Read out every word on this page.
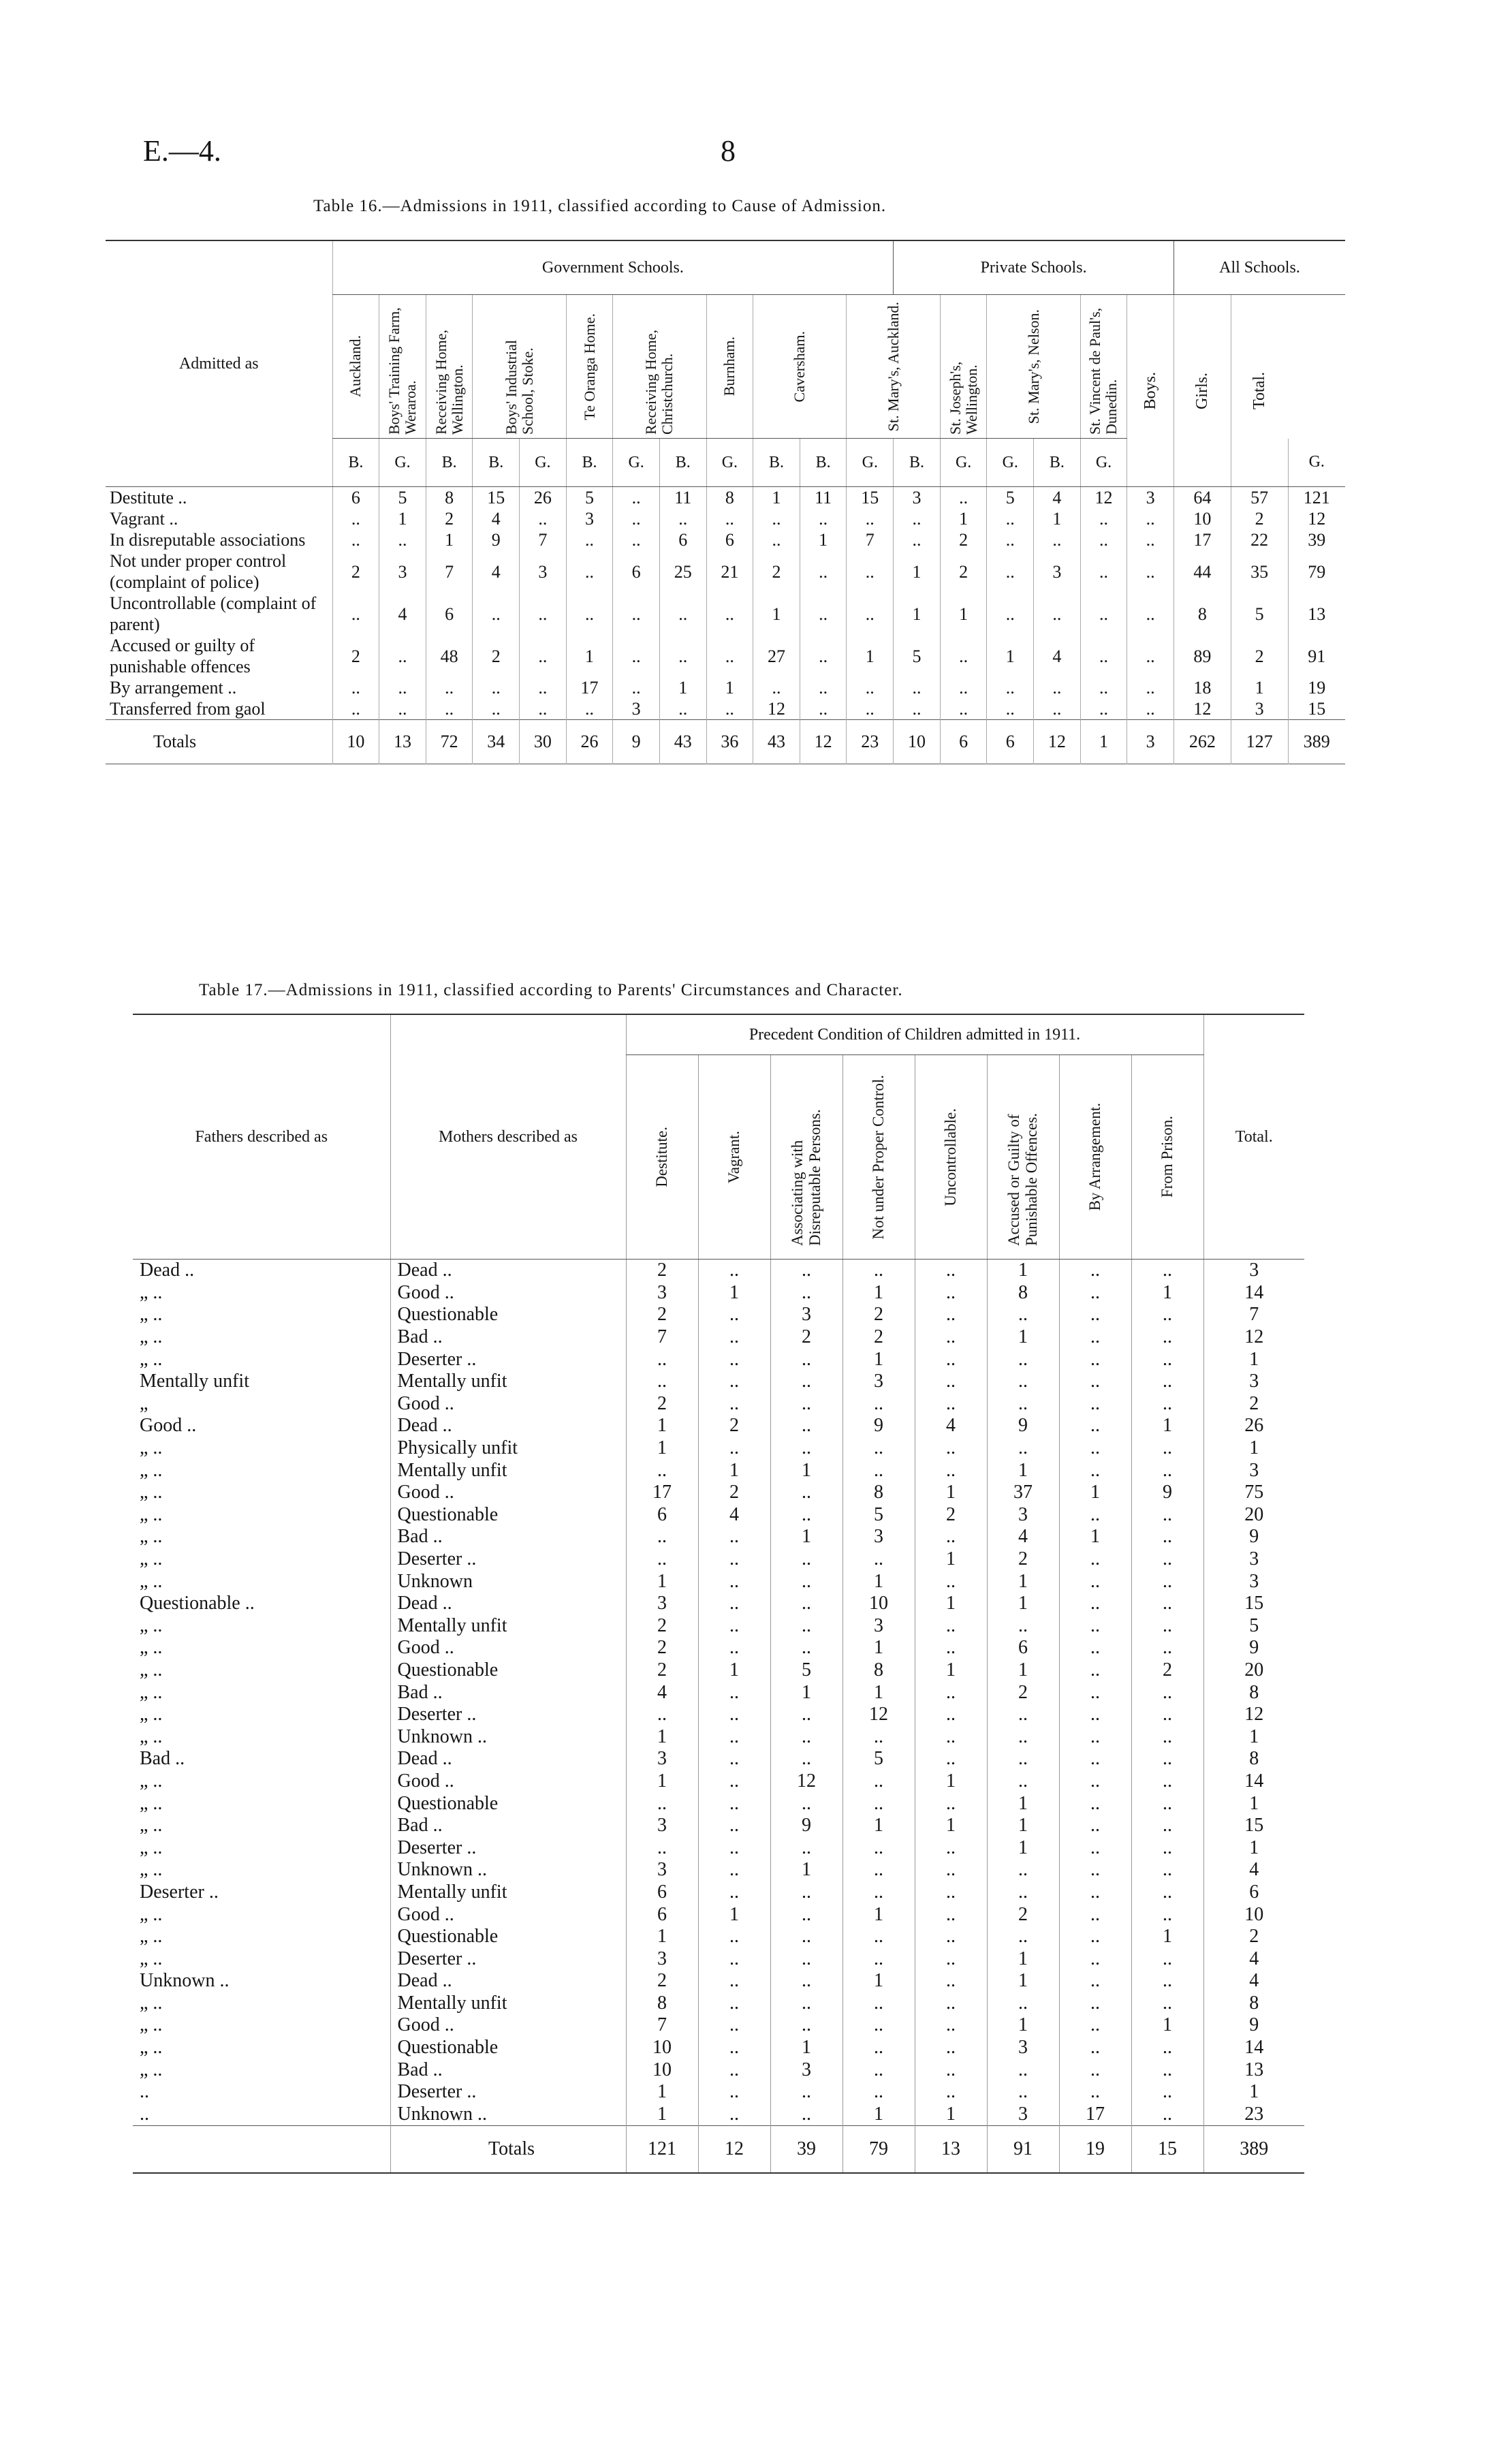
E.—4.	8
Table 16.—Admissions in 1911, classified according to Cause of Admission.
Admitted as	Government Schools.												Private Schools.						All Schools.		

	Auckland.	Boys' Training Farm, Weraroa.	Receiving Home, Wellington.	Boys' Industrial School, Stoke.		Te Oranga Home.	Receiving Home, Christchurch.		Burnham.	Caversham.		St. Mary's, Auckland.		St. Joseph's, Wellington.	St. Mary's, Nelson.		St. Vincent de Paul's, Dunedin.	Boys.	Girls.	Total.	

	B.	G.	B.	B.	G.	B.	G.	B.	G.	B.	B.	G.	B.	G.	G.	B.	G.				G.
Destitute ..	6	5	8	15	26	5	..	11	8	1	11	15	3	..	5	4	12	3	64	57	121
Vagrant ..	..	1	2	4	..	3	..	..	..	..	..	..	..	1	..	1	..	..	10	2	12
In disreputable associations	..	..	1	9	7	..	..	6	6	..	1	7	..	2	..	..	..	..	17	22	39
Not under proper control (complaint of police)	2	3	7	4	3	..	6	25	21	2	..	..	1	2	..	3	..	..	44	35	79
Uncontrollable (complaint of parent)	..	4	6	..	..	..	..	..	..	1	..	..	1	1	..	..	..	..	8	5	13
Accused or guilty of punishable offences	2	..	48	2	..	1	..	..	..	27	..	1	5	..	1	4	..	..	89	2	91
By arrangement ..	..	..	..	..	..	17	..	1	1	..	..	..	..	..	..	..	..	..	18	1	19
Transferred from gaol	..	..	..	..	..	..	3	..	..	12	..	..	..	..	..	..	..	..	12	3	15
Totals	10	13	72	34	30	26	9	43	36	43	12	23	10	6	6	12	1	3	262	127	389
Table 17.—Admissions in 1911, classified according to Parents' Circumstances and Character.
Fathers described as	Mothers described as	Precedent Condition of Children admitted in 1911.								Total.

		Destitute.	Vagrant.	Associating with Disreputable Persons.	Not under Proper Control.	Uncontrollable.	Accused or Guilty of Punishable Offences.	By Arrangement.	From Prison.	

Dead ..	Dead ..	2	..	..	..	..	1	..	..	3
„ ..	Good ..	3	1	..	1	..	8	..	1	14
„ ..	Questionable	2	..	3	2	..	..	..	..	7
„ ..	Bad ..	7	..	2	2	..	1	..	..	12
„ ..	Deserter ..	..	..	..	1	..	..	..	..	1
Mentally unfit	Mentally unfit	..	..	..	3	..	..	..	..	3
„	Good ..	2	..	..	..	..	..	..	..	2
Good ..	Dead ..	1	2	..	9	4	9	..	1	26
„ ..	Physically unfit	1	..	..	..	..	..	..	..	1
„ ..	Mentally unfit	..	1	1	..	..	1	..	..	3
„ ..	Good ..	17	2	..	8	1	37	1	9	75
„ ..	Questionable	6	4	..	5	2	3	..	..	20
„ ..	Bad ..	..	..	1	3	..	4	1	..	9
„ ..	Deserter ..	..	..	..	..	1	2	..	..	3
„ ..	Unknown	1	..	..	1	..	1	..	..	3
Questionable ..	Dead ..	3	..	..	10	1	1	..	..	15
„ ..	Mentally unfit	2	..	..	3	..	..	..	..	5
„ ..	Good ..	2	..	..	1	..	6	..	..	9
„ ..	Questionable	2	1	5	8	1	1	..	2	20
„ ..	Bad ..	4	..	1	1	..	2	..	..	8
„ ..	Deserter ..	..	..	..	12	..	..	..	..	12
„ ..	Unknown ..	1	..	..	..	..	..	..	..	1
Bad ..	Dead ..	3	..	..	5	..	..	..	..	8
„ ..	Good ..	1	..	12	..	1	..	..	..	14
„ ..	Questionable	..	..	..	..	..	1	..	..	1
„ ..	Bad ..	3	..	9	1	1	1	..	..	15
„ ..	Deserter ..	..	..	..	..	..	1	..	..	1
„ ..	Unknown ..	3	..	1	..	..	..	..	..	4
Deserter ..	Mentally unfit	6	..	..	..	..	..	..	..	6
„ ..	Good ..	6	1	..	1	..	2	..	..	10
„ ..	Questionable	1	..	..	..	..	..	..	1	2
„ ..	Deserter ..	3	..	..	..	..	1	..	..	4
Unknown ..	Dead ..	2	..	..	1	..	1	..	..	4
„ ..	Mentally unfit	8	..	..	..	..	..	..	..	8
„ ..	Good ..	7	..	..	..	..	1	..	1	9
„ ..	Questionable	10	..	1	..	..	3	..	..	14
„ ..	Bad ..	10	..	3	..	..	..	..	..	13
..	Deserter ..	1	..	..	..	..	..	..	..	1
..	Unknown ..	1	..	..	1	1	3	17	..	23
	Totals	121	12	39	79	13	91	19	15	389
